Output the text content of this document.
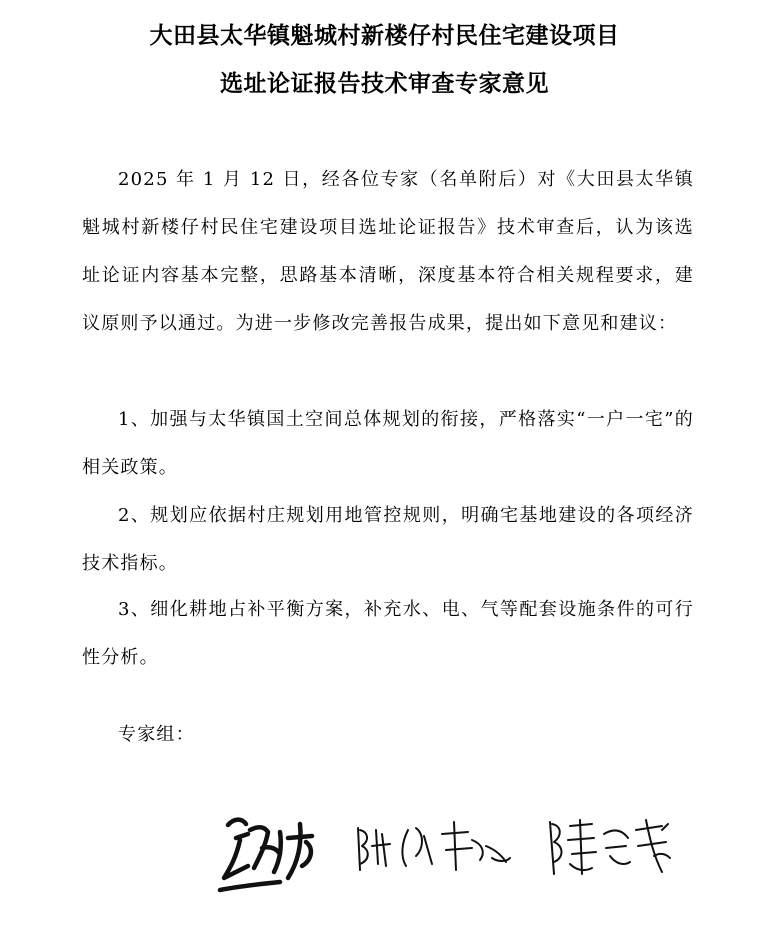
大田县太华镇魁城村新楼仔村民住宅建设项目
选址论证报告技术审查专家意见

2025 年 1 月 12 日，经各位专家（名单附后）对《大田县太华镇魁城村新楼仔村民住宅建设项目选址论证报告》技术审查后，认为该选址论证内容基本完整，思路基本清晰，深度基本符合相关规程要求，建议原则予以通过。为进一步修改完善报告成果，提出如下意见和建议：

1、加强与太华镇国土空间总体规划的衔接，严格落实“一户一宅”的相关政策。

2、规划应依据村庄规划用地管控规则，明确宅基地建设的各项经济技术指标。

3、细化耕地占补平衡方案，补充水、电、气等配套设施条件的可行性分析。

专家组：
